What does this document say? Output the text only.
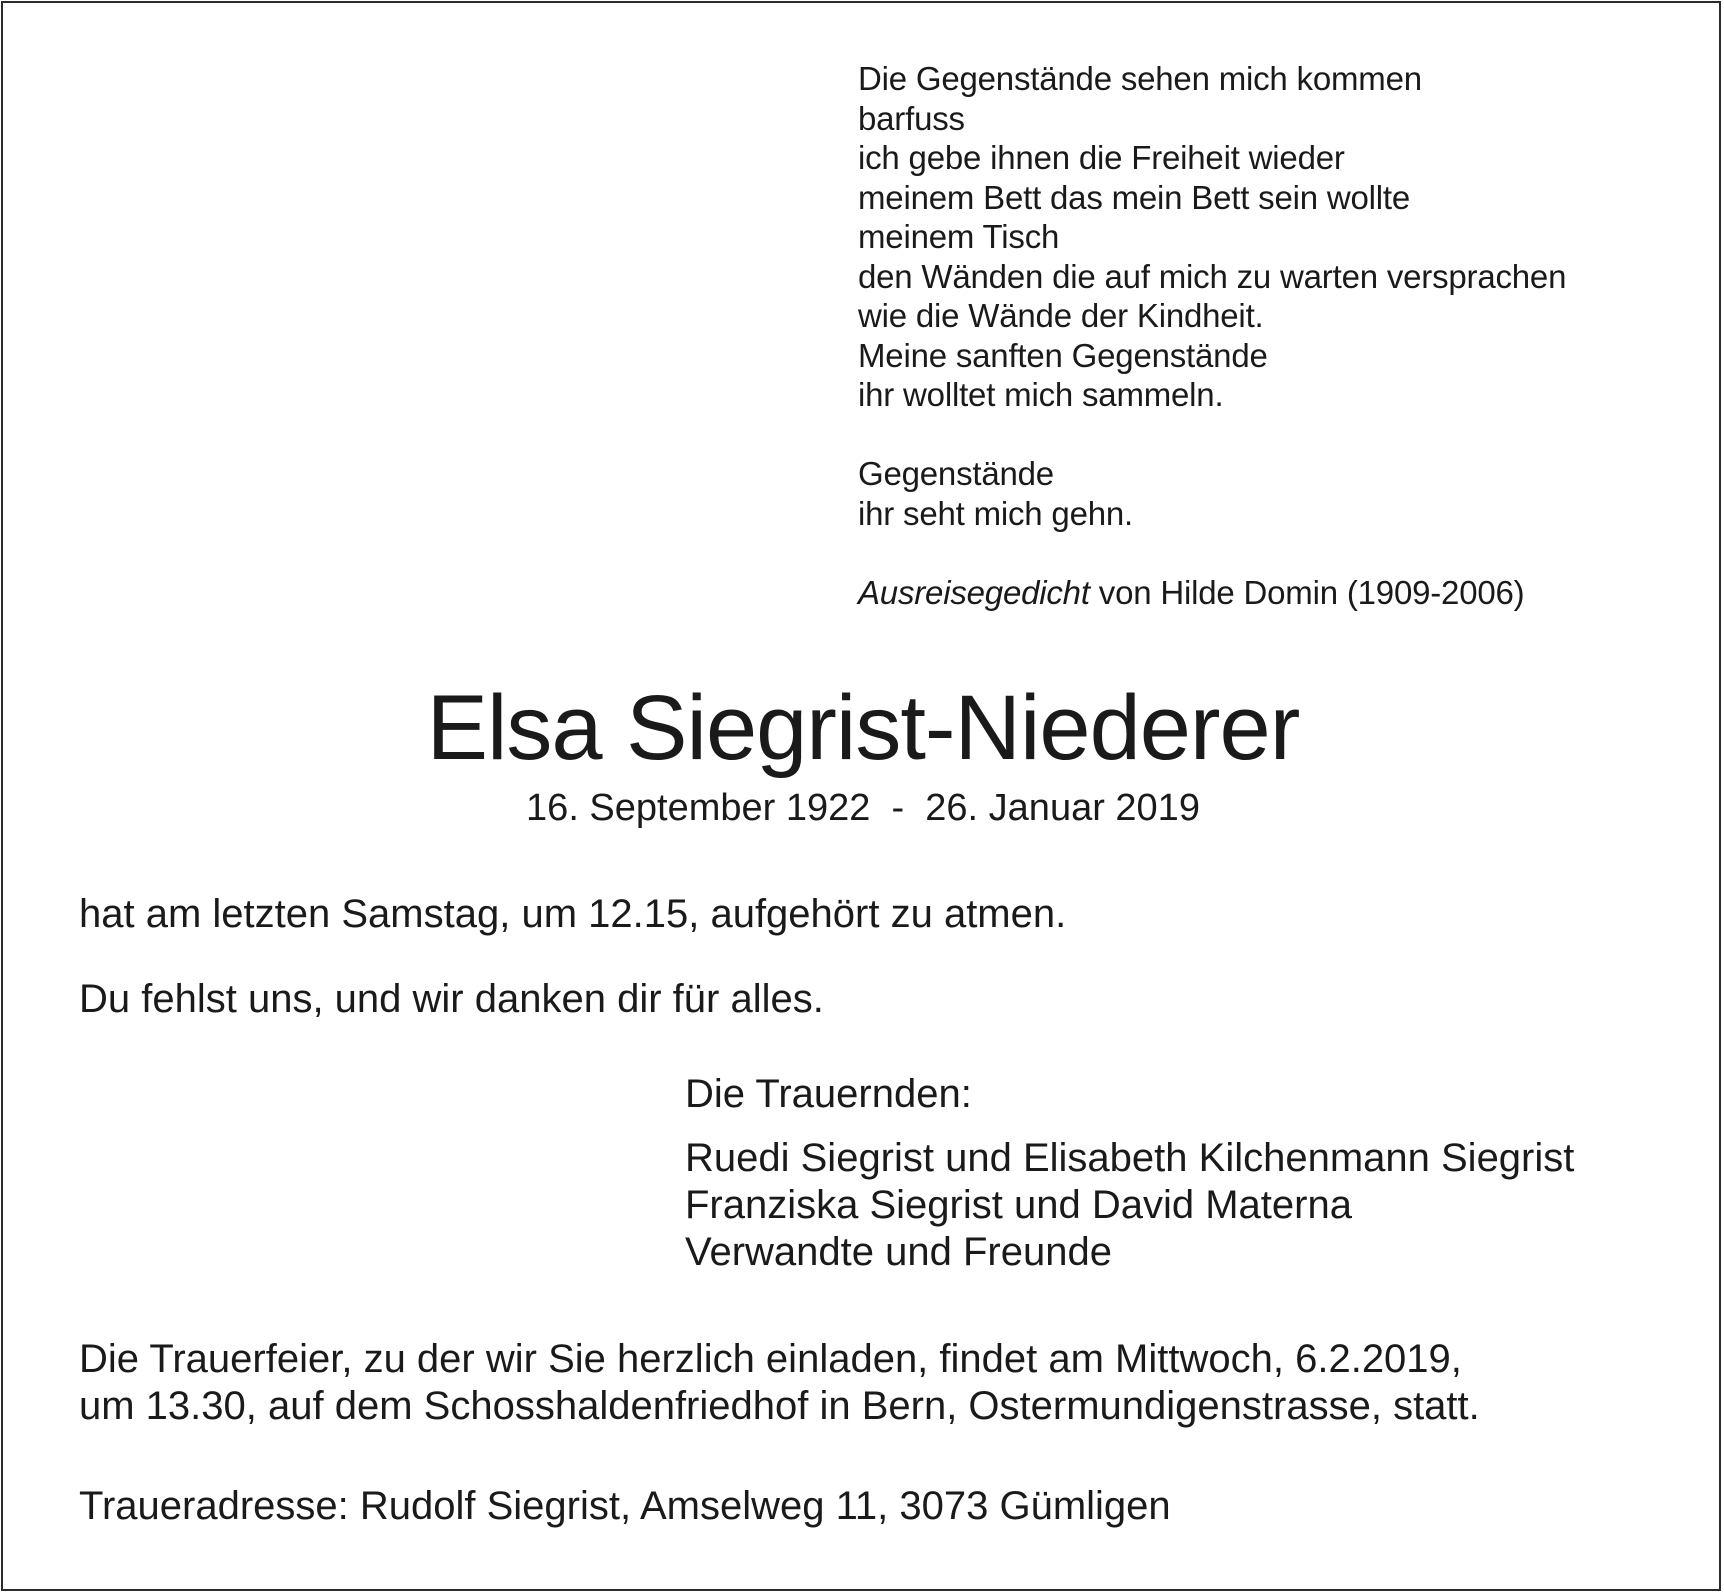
Die Gegenstände sehen mich kommen
barfuss
ich gebe ihnen die Freiheit wieder
meinem Bett das mein Bett sein wollte
meinem Tisch
den Wänden die auf mich zu warten versprachen
wie die Wände der Kindheit.
Meine sanften Gegenstände
ihr wolltet mich sammeln.
Gegenstände
ihr seht mich gehn.
Ausreisegedicht von Hilde Domin (1909-2006)
Elsa Siegrist-Niederer
16. September 1922  -  26. Januar 2019

hat am letzten Samstag, um 12.15, aufgehört zu atmen.

Du fehlst uns, und wir danken dir für alles.

Die Trauernden:
Ruedi Siegrist und Elisabeth Kilchenmann Siegrist
Franziska Siegrist und David Materna
Verwandte und Freunde
Die Trauerfeier, zu der wir Sie herzlich einladen, findet am Mittwoch, 6.2.2019,
um 13.30, auf dem Schosshaldenfriedhof in Bern, Ostermundigenstrasse, statt.

Traueradresse: Rudolf Siegrist, Amselweg 11, 3073 Gümligen
